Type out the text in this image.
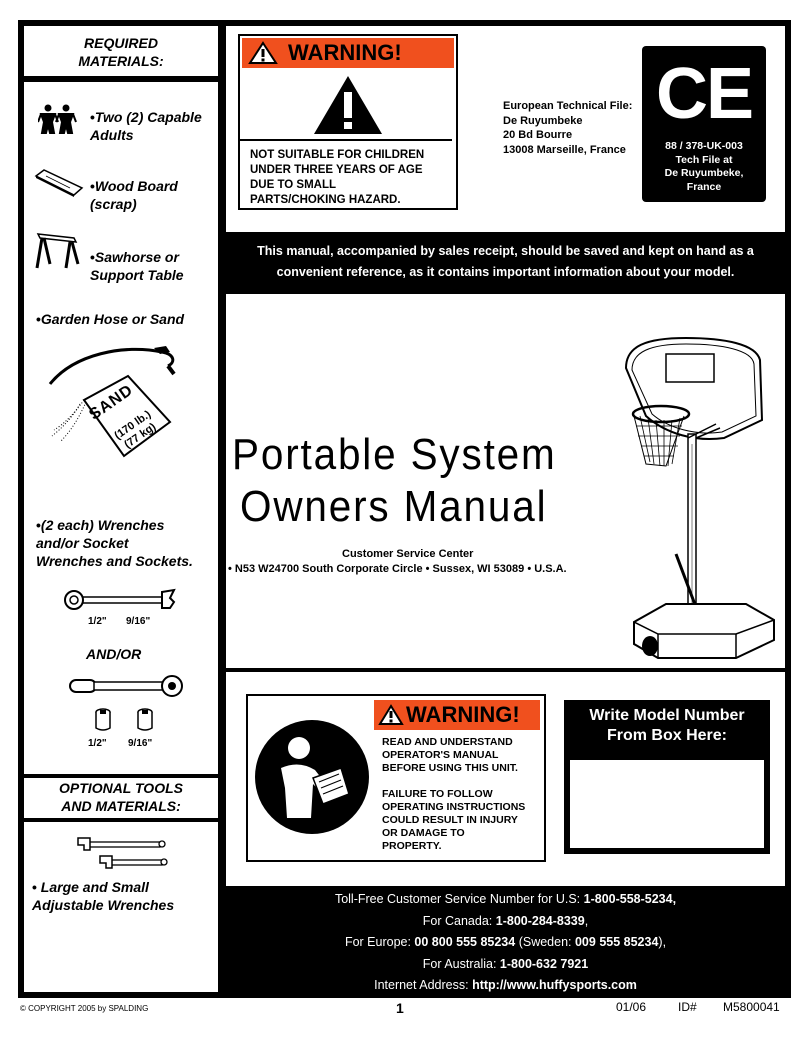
REQUIRED
MATERIALS:
•Two (2) Capable
Adults
•Wood Board
(scrap)
•Sawhorse or
Support Table
•Garden Hose or Sand
SAND
(170 lb.)
(77 kg)
•(2 each) Wrenches
and/or Socket
Wrenches and Sockets.
1/2" 9/16"
AND/OR
1/2" 9/16"
OPTIONAL TOOLS
AND MATERIALS:
• Large and Small
Adjustable Wrenches
WARNING!
NOT SUITABLE FOR CHILDREN
UNDER THREE YEARS OF AGE
DUE TO SMALL
PARTS/CHOKING HAZARD.
European Technical File:
De Ruyumbeke
20 Bd Bourre
13008 Marseille, France
CE
88 / 378-UK-003
Tech File at
De Ruyumbeke,
France
This manual, accompanied by sales receipt, should be saved and kept on hand as a
convenient reference, as it contains important information about your model.
Portable System
Owners Manual
Customer Service Center
• N53 W24700 South Corporate Circle • Sussex, WI 53089 • U.S.A.
WARNING!
READ AND UNDERSTAND
OPERATOR'S MANUAL
BEFORE USING THIS UNIT.
FAILURE TO FOLLOW
OPERATING INSTRUCTIONS
COULD RESULT IN INJURY
OR DAMAGE TO
PROPERTY.
Write Model Number
From Box Here:
Toll-Free Customer Service Number for U.S: 1-800-558-5234,
For Canada: 1-800-284-8339,
For Europe: 00 800 555 85234 (Sweden: 009 555 85234),
For Australia: 1-800-632 7921
Internet Address: http://www.huffysports.com
© COPYRIGHT 2005 by SPALDING	1	01/06	ID# M5800041
